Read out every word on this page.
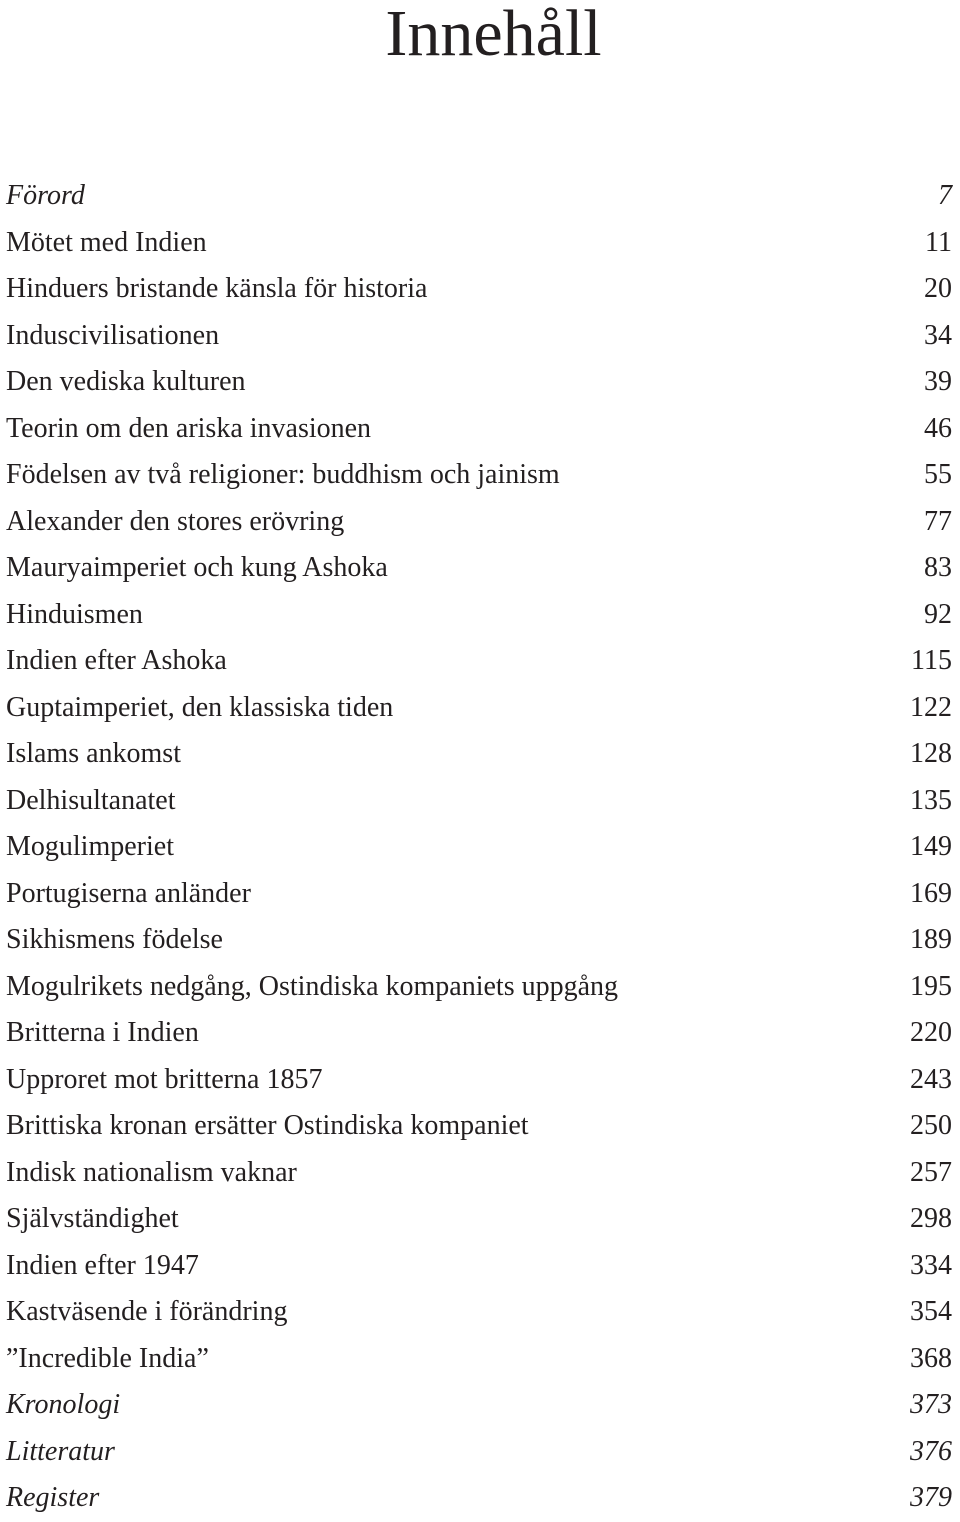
Innehåll
Förord	7
Mötet med Indien	11
Hinduers bristande känsla för historia	20
Induscivilisationen	34
Den vediska kulturen	39
Teorin om den ariska invasionen	46
Födelsen av två religioner: buddhism och jainism	55
Alexander den stores erövring	77
Mauryaimperiet och kung Ashoka	83
Hinduismen	92
Indien efter Ashoka	115
Guptaimperiet, den klassiska tiden	122
Islams ankomst	128
Delhisultanatet	135
Mogulimperiet	149
Portugiserna anländer	169
Sikhismens födelse	189
Mogulrikets nedgång, Ostindiska kompaniets uppgång	195
Britterna i Indien	220
Upproret mot britterna 1857	243
Brittiska kronan ersätter Ostindiska kompaniet	250
Indisk nationalism vaknar	257
Självständighet	298
Indien efter 1947	334
Kastväsende i förändring	354
”Incredible India”	368
Kronologi	373
Litteratur	376
Register	379
